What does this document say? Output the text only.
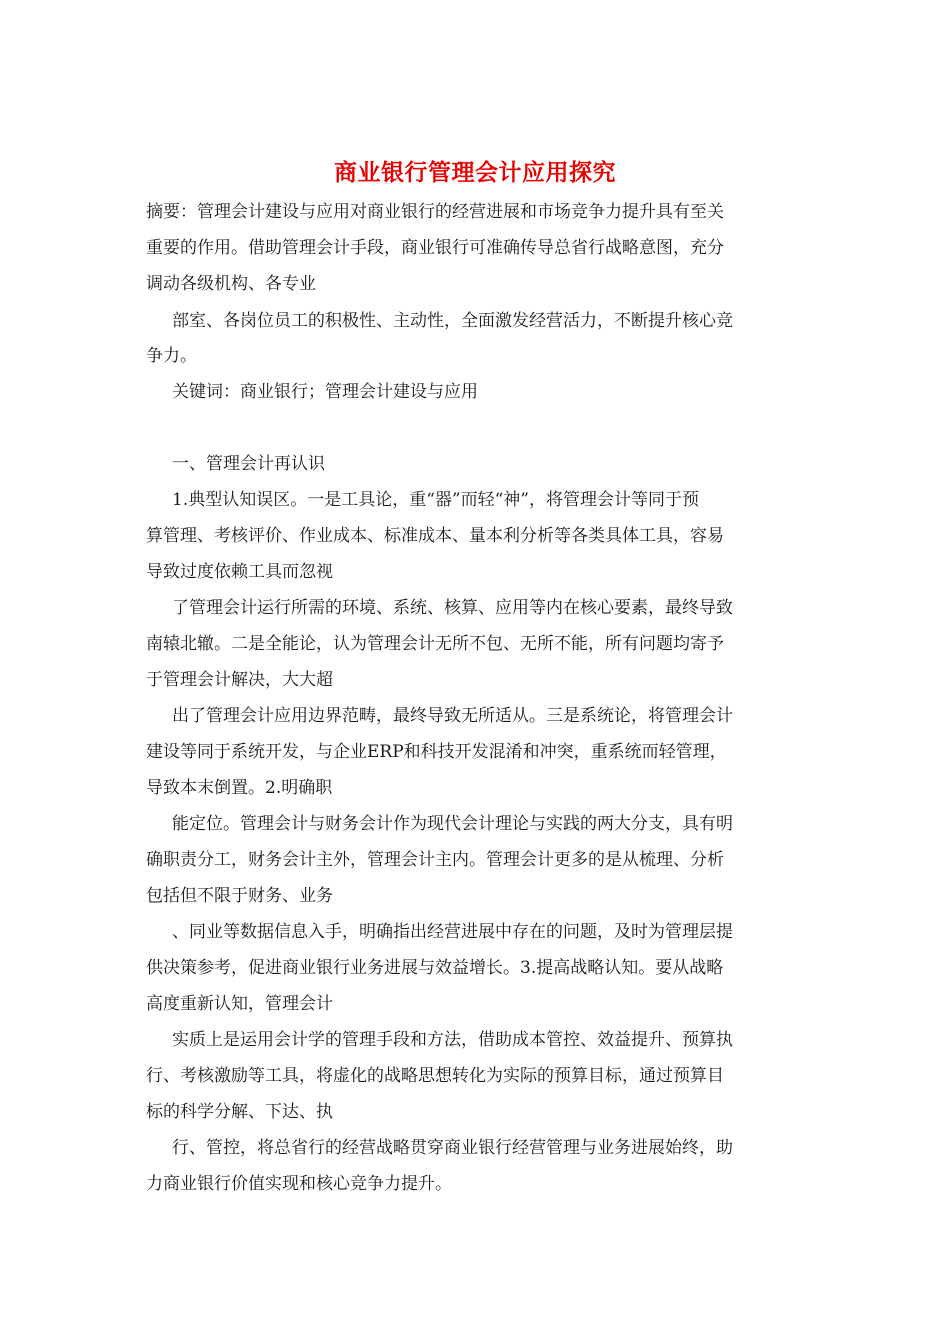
商业银行管理会计应用探究

摘要：管理会计建设与应用对商业银行的经营进展和市场竞争力提升具有至关

重要的作用。借助管理会计手段，商业银行可准确传导总省行战略意图，充分

调动各级机构、各专业

部室、各岗位员工的积极性、主动性，全面激发经营活力，不断提升核心竞

争力。

关键词：商业银行；管理会计建设与应用

一、管理会计再认识

1.典型认知误区。一是工具论，重“器”而轻“神”，将管理会计等同于预

算管理、考核评价、作业成本、标准成本、量本利分析等各类具体工具，容易

导致过度依赖工具而忽视

了管理会计运行所需的环境、系统、核算、应用等内在核心要素，最终导致

南辕北辙。二是全能论，认为管理会计无所不包、无所不能，所有问题均寄予

于管理会计解决，大大超

出了管理会计应用边界范畴，最终导致无所适从。三是系统论，将管理会计

建设等同于系统开发，与企业ERP和科技开发混淆和冲突，重系统而轻管理，

导致本末倒置。2.明确职

能定位。管理会计与财务会计作为现代会计理论与实践的两大分支，具有明

确职责分工，财务会计主外，管理会计主内。管理会计更多的是从梳理、分析

包括但不限于财务、业务

、同业等数据信息入手，明确指出经营进展中存在的问题，及时为管理层提

供决策参考，促进商业银行业务进展与效益增长。3.提高战略认知。要从战略

高度重新认知，管理会计

实质上是运用会计学的管理手段和方法，借助成本管控、效益提升、预算执

行、考核激励等工具，将虚化的战略思想转化为实际的预算目标，通过预算目

标的科学分解、下达、执

行、管控，将总省行的经营战略贯穿商业银行经营管理与业务进展始终，助

力商业银行价值实现和核心竞争力提升。
